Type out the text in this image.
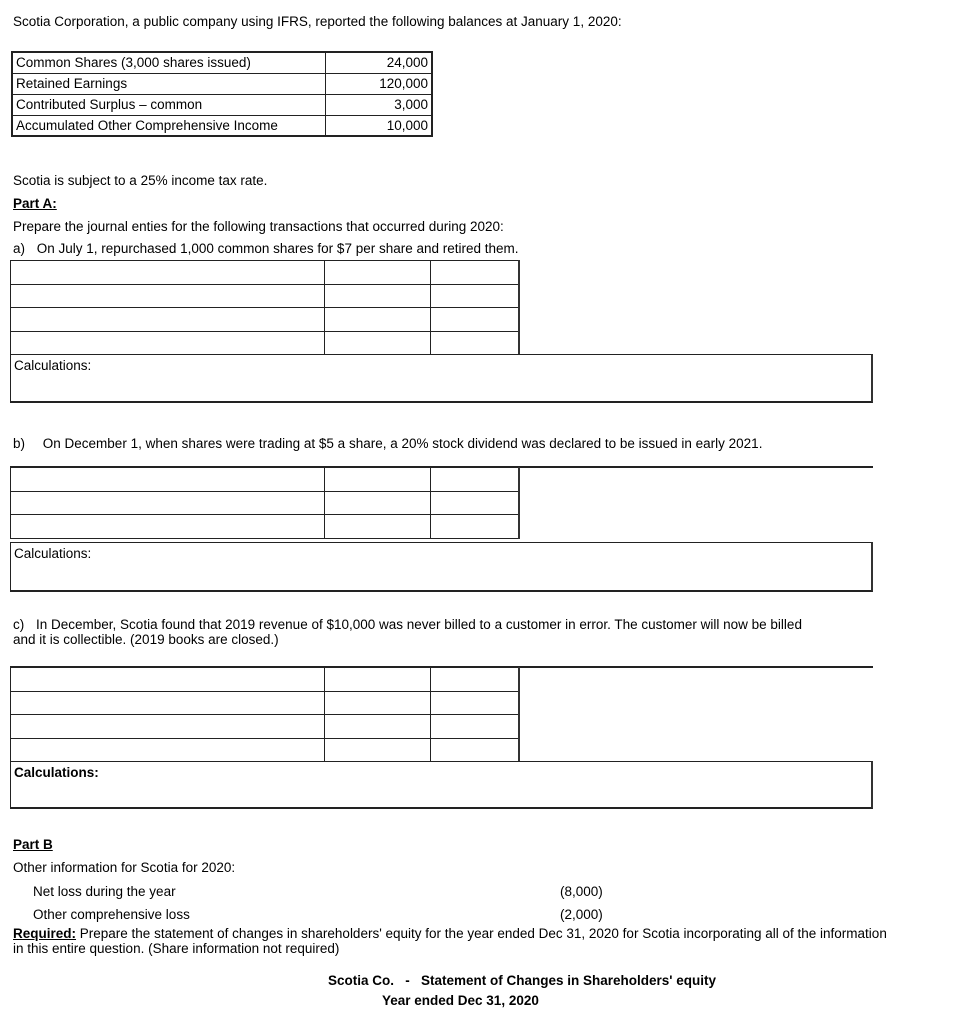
Scotia Corporation, a public company using IFRS, reported the following balances at January 1, 2020:
Common Shares (3,000 shares issued)	24,000
Retained Earnings	120,000
Contributed Surplus – common	3,000
Accumulated Other Comprehensive Income	10,000
Scotia is subject to a 25% income tax rate.
Part A:
Prepare the journal enties for the following transactions that occurred during 2020:
a) On July 1, repurchased 1,000 common shares for $7 per share and retired them.

Calculations:
b) On December 1, when shares were trading at $5 a share, a 20% stock dividend was declared to be issued in early 2021.

Calculations:
c) In December, Scotia found that 2019 revenue of $10,000 was never billed to a customer in error. The customer will now be billed
and it is collectible. (2019 books are closed.)

Calculations:
Part B
Other information for Scotia for 2020:
Net loss during the year	(8,000)
Other comprehensive loss	(2,000)
Required: Prepare the statement of changes in shareholders' equity for the year ended Dec 31, 2020 for Scotia incorporating all of the information
in this entire question. (Share information not required)
Scotia Co.   -   Statement of Changes in Shareholders' equity
Year ended Dec 31, 2020
